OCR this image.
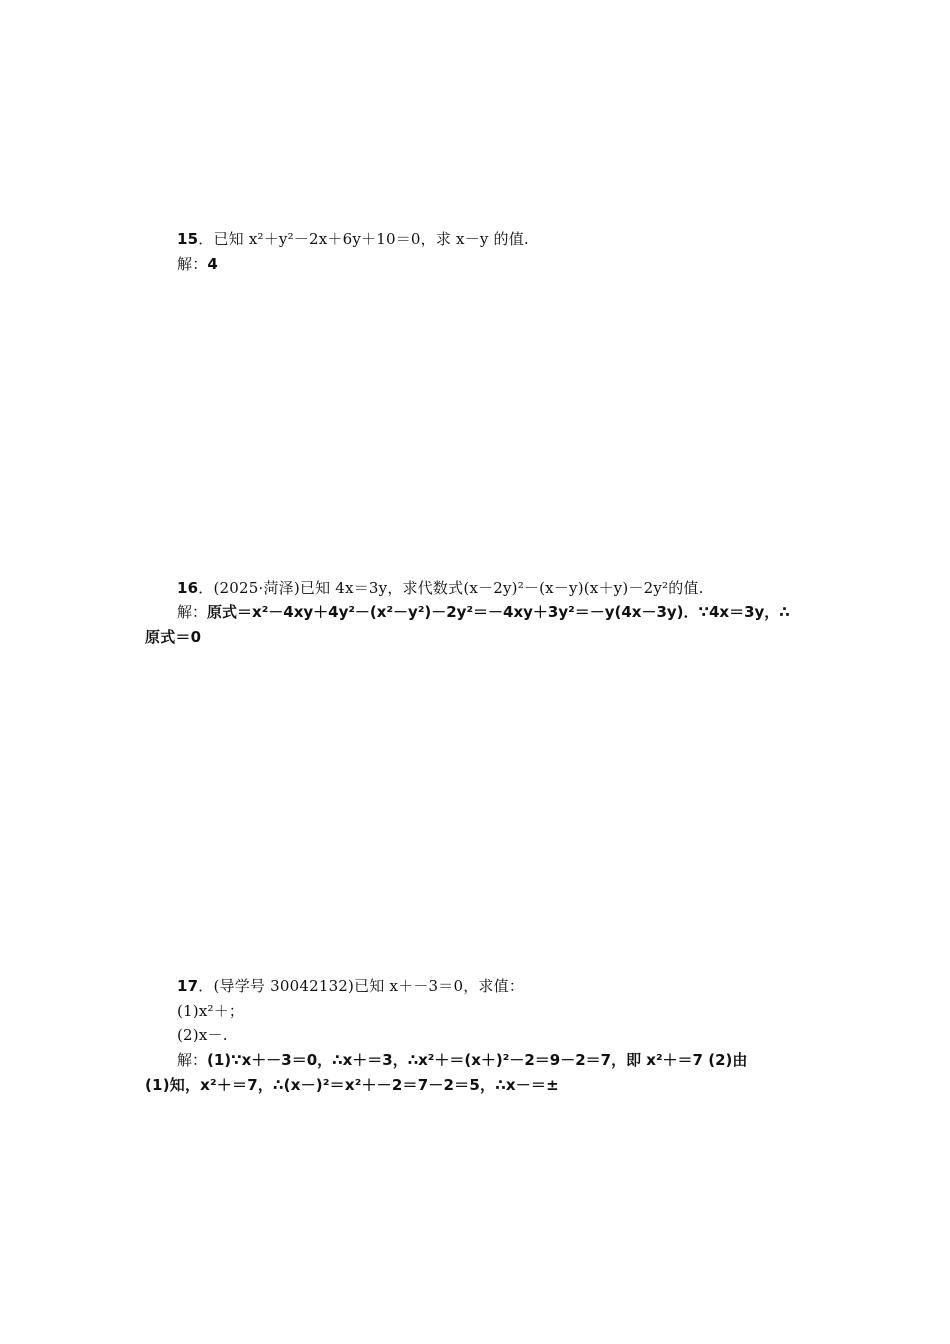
15．已知 x²＋y²－2x＋6y＋10＝0，求 x－y 的值.
解：4
16．(2025·菏泽)已知 4x＝3y，求代数式(x－2y)²－(x－y)(x＋y)－2y²的值.
解：原式＝x²－4xy＋4y²－(x²－y²)－2y²＝－4xy＋3y²＝－y(4x－3y)．∵4x＝3y，∴
原式＝0
17．(导学号 30042132)已知 x＋－3＝0，求值：
(1)x²＋；
(2)x－.
解：(1)∵x＋－3＝0，∴x＋＝3，∴x²＋＝(x＋)²－2＝9－2＝7，即 x²＋＝7 (2)由
(1)知，x²＋＝7，∴(x－)²＝x²＋－2＝7－2＝5，∴x－＝±
